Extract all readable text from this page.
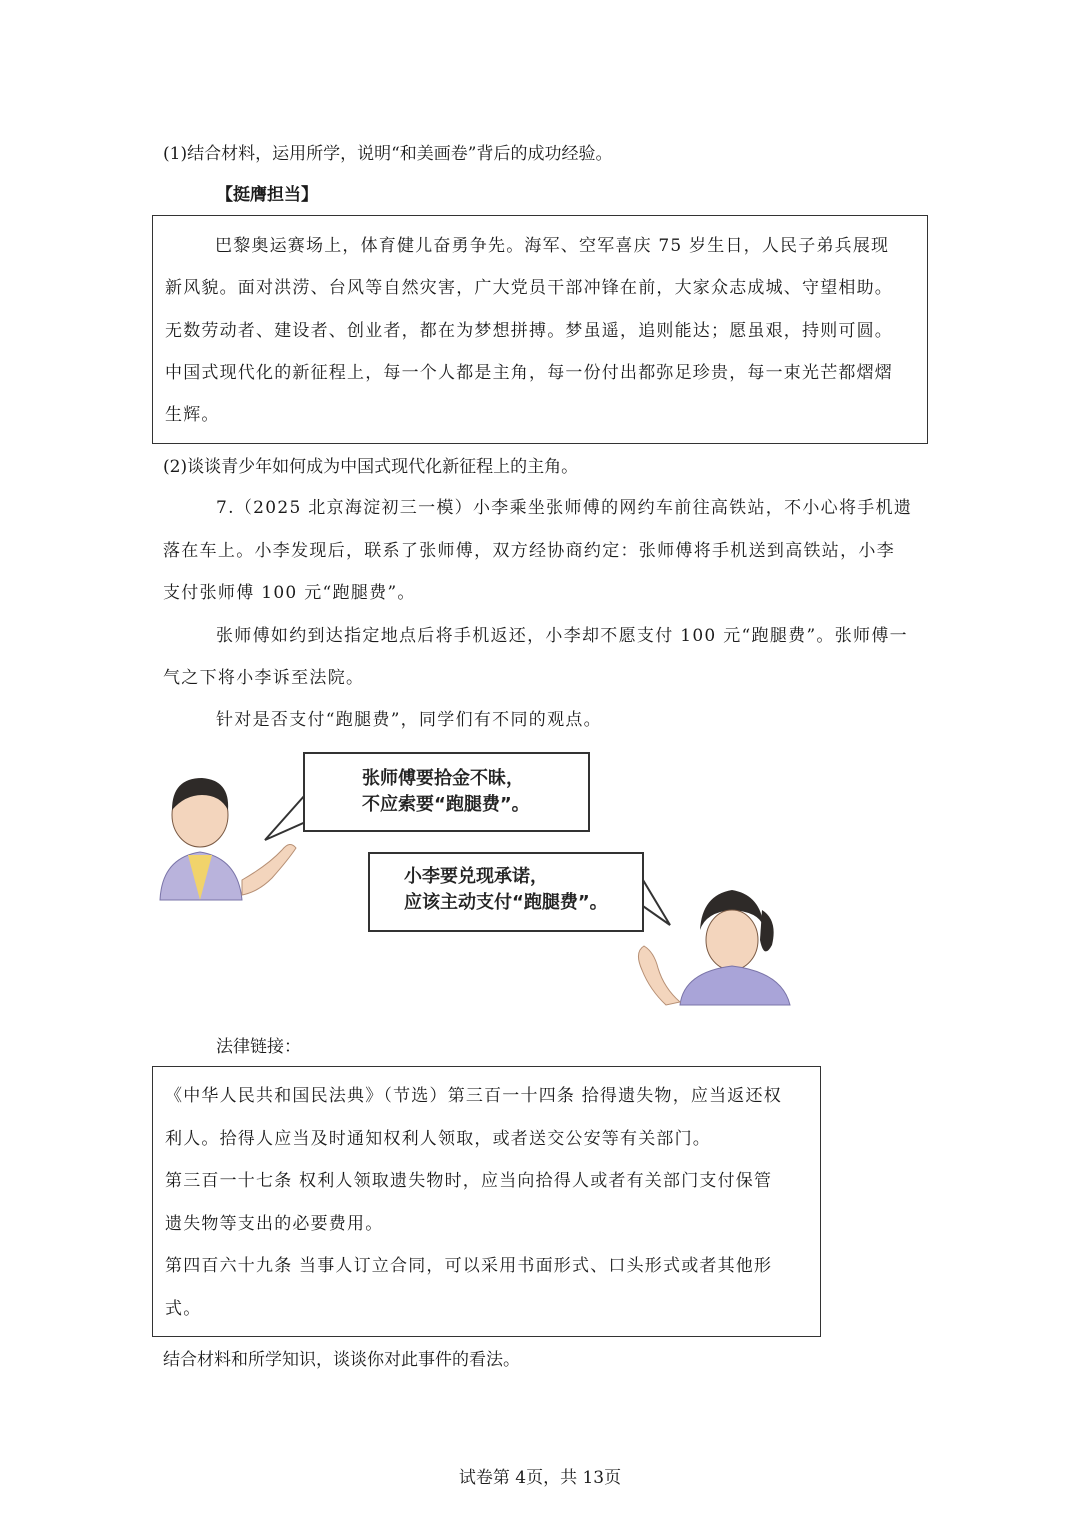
(1)结合材料，运用所学，说明“和美画卷”背后的成功经验。
【挺膺担当】
巴黎奥运赛场上，体育健儿奋勇争先。海军、空军喜庆 75 岁生日，人民子弟兵展现
新风貌。面对洪涝、台风等自然灾害，广大党员干部冲锋在前，大家众志成城、守望相助。
无数劳动者、建设者、创业者，都在为梦想拼搏。梦虽遥，追则能达；愿虽艰，持则可圆。
中国式现代化的新征程上，每一个人都是主角，每一份付出都弥足珍贵，每一束光芒都熠熠
生辉。
(2)谈谈青少年如何成为中国式现代化新征程上的主角。
7.（2025 北京海淀初三一模）小李乘坐张师傅的网约车前往高铁站，不小心将手机遗
落在车上。小李发现后，联系了张师傅，双方经协商约定：张师傅将手机送到高铁站，小李
支付张师傅 100 元“跑腿费”。
张师傅如约到达指定地点后将手机返还，小李却不愿支付 100 元“跑腿费”。张师傅一
气之下将小李诉至法院。
针对是否支付“跑腿费”，同学们有不同的观点。
张师傅要拾金不昧，
不应索要“跑腿费”。
小李要兑现承诺，
应该主动支付“跑腿费”。
法律链接：
《中华人民共和国民法典》（节选）第三百一十四条 拾得遗失物，应当返还权
利人。拾得人应当及时通知权利人领取，或者送交公安等有关部门。
第三百一十七条 权利人领取遗失物时，应当向拾得人或者有关部门支付保管
遗失物等支出的必要费用。
第四百六十九条 当事人订立合同，可以采用书面形式、口头形式或者其他形
式。
结合材料和所学知识，谈谈你对此事件的看法。
试卷第 4页，共 13页
